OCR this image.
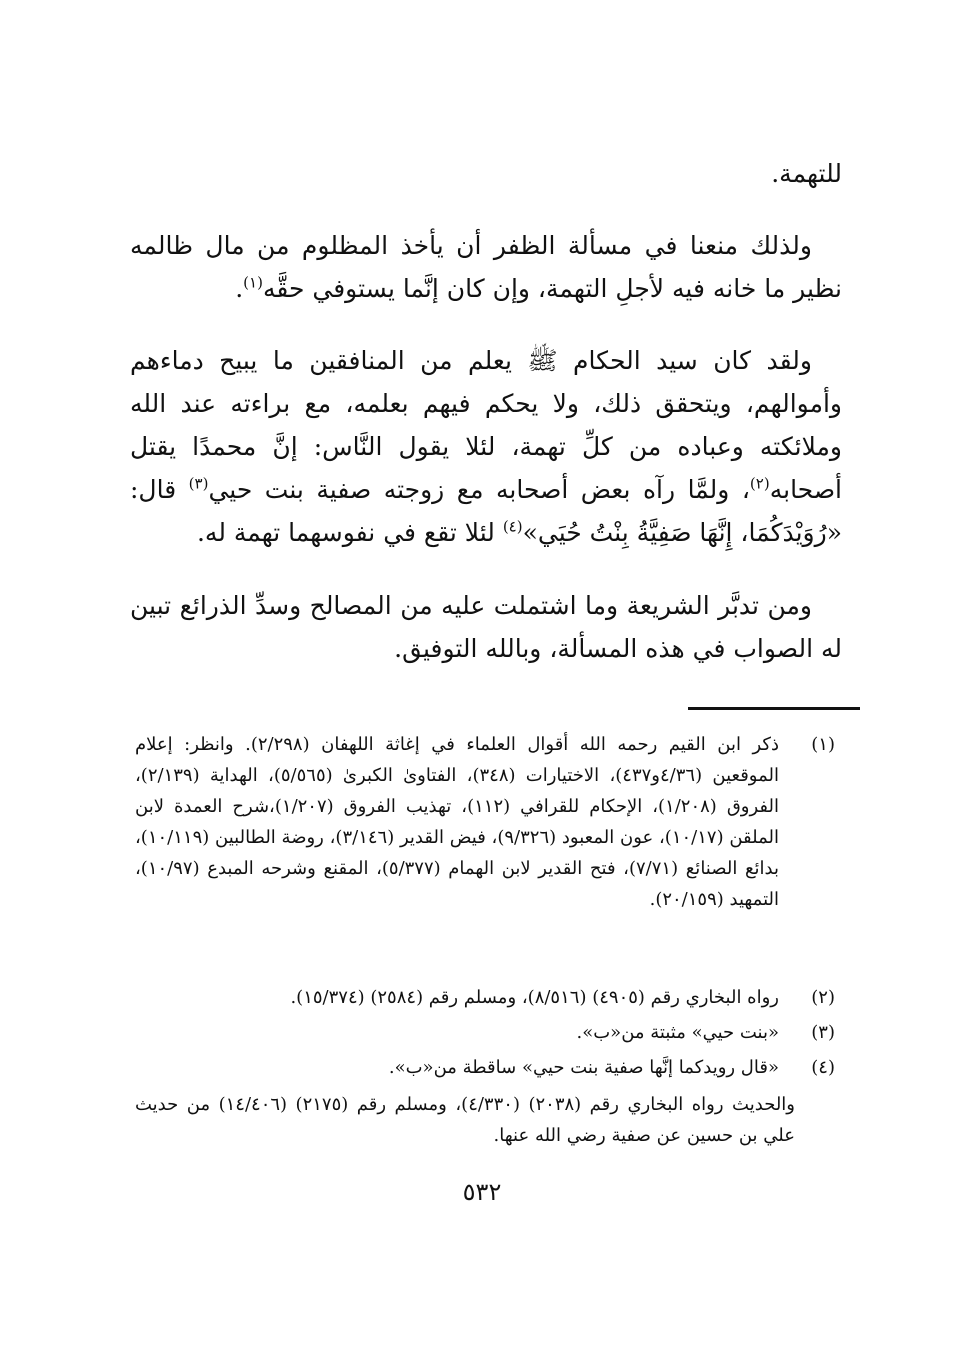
للتهمة.

ولذلك منعنا في مسألة الظفر أن يأخذ المظلوم من مال ظالمه نظير ما خانه فيه لأجلِ التهمة، وإن كان إنَّما يستوفي حقَّه$^{(١)}$.

ولقد كان سيد الحكام ﷺ يعلم من المنافقين ما يبيح دماءهم وأموالهم، ويتحقق ذلك، ولا يحكم فيهم بعلمه، مع براءته عند الله وملائكته وعباده من كلِّ تهمة، لئلا يقول النَّاس: إنَّ محمدًا يقتل أصحابه$^{(٢)}$، ولمَّا رآه بعض أصحابه مع زوجته صفية بنت حيي$^{(٣)}$ قال: «رُوَيْدَكُمَا، إِنَّهَا صَفِيَّةُ بِنْتُ حُيَي»$^{(٤)}$ لئلا تقع في نفوسهما تهمة له.

ومن تدبَّر الشريعة وما اشتملت عليه من المصالح وسدِّ الذرائع تبين له الصواب في هذه المسألة، وبالله التوفيق.

(١)
ذكر ابن القيم رحمه الله أقوال العلماء في إغاثة اللهفان (٢/٢٩٨). وانظر: إعلام الموقعين (٤/٣٦و٤٣٧)، الاختيارات (٣٤٨)، الفتاوىٰ الكبرىٰ (٥/٥٦٥)، الهداية (٢/١٣٩)، الفروق (١/٢٠٨)، الإحكام للقرافي (١١٢)، تهذيب الفروق (١/٢٠٧)،شرح العمدة لابن الملقن (١٠/١٧)، عون المعبود (٩/٣٢٦)، فيض القدير (٣/١٤٦)، روضة الطالبين (١٠/١١٩)، بدائع الصنائع (٧/٧١)، فتح القدير لابن الهمام (٥/٣٧٧)، المقنع وشرحه المبدع (١٠/٩٧)، التمهيد (٢٠/١٥٩).
(٢)
رواه البخاري رقم (٤٩٠٥) (٨/٥١٦)، ومسلم رقم (٢٥٨٤) (١٥/٣٧٤).
(٣)
«بنت حيي» مثبتة من«ب».
(٤)
«قال رويدكما إنَّها صفية بنت حيي» ساقطة من«ب».
والحديث رواه البخاري رقم (٢٠٣٨) (٤/٣٣٠)، ومسلم رقم (٢١٧٥) (١٤/٤٠٦) من حديث علي بن حسين عن صفية رضي الله عنها.
٥٣٢
